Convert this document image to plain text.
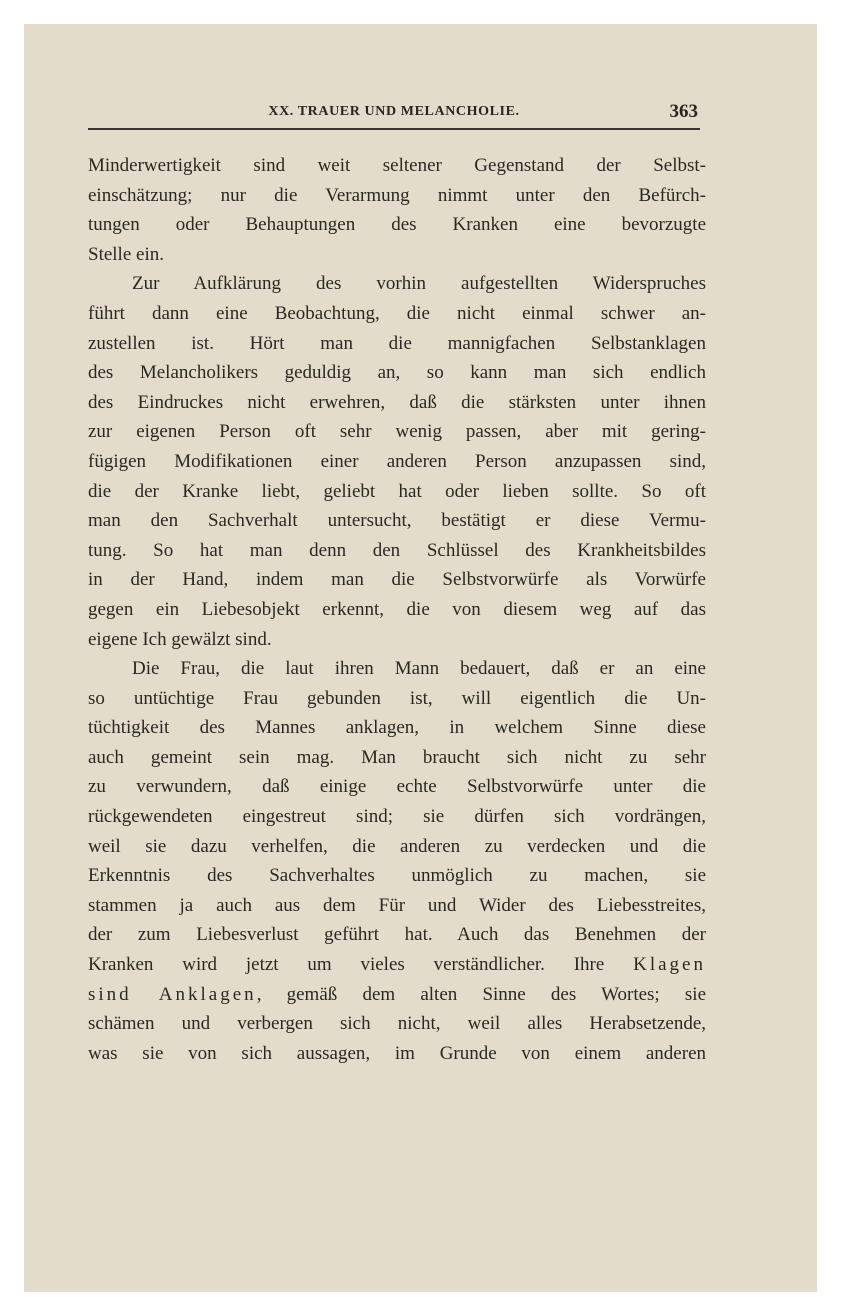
XX. TRAUER UND MELANCHOLIE.	363
Minderwertigkeit sind weit seltener Gegenstand der Selbst-
einschätzung; nur die Verarmung nimmt unter den Befürch-
tungen oder Behauptungen des Kranken eine bevorzugte
Stelle ein.
Zur Aufklärung des vorhin aufgestellten Widerspruches
führt dann eine Beobachtung, die nicht einmal schwer an-
zustellen ist. Hört man die mannigfachen Selbstanklagen
des Melancholikers geduldig an, so kann man sich endlich
des Eindruckes nicht erwehren, daß die stärksten unter ihnen
zur eigenen Person oft sehr wenig passen, aber mit gering-
fügigen Modifikationen einer anderen Person anzupassen sind,
die der Kranke liebt, geliebt hat oder lieben sollte. So oft
man den Sachverhalt untersucht, bestätigt er diese Vermu-
tung. So hat man denn den Schlüssel des Krankheitsbildes
in der Hand, indem man die Selbstvorwürfe als Vorwürfe
gegen ein Liebesobjekt erkennt, die von diesem weg auf das
eigene Ich gewälzt sind.
Die Frau, die laut ihren Mann bedauert, daß er an eine
so untüchtige Frau gebunden ist, will eigentlich die Un-
tüchtigkeit des Mannes anklagen, in welchem Sinne diese
auch gemeint sein mag. Man braucht sich nicht zu sehr
zu verwundern, daß einige echte Selbstvorwürfe unter die
rückgewendeten eingestreut sind; sie dürfen sich vordrängen,
weil sie dazu verhelfen, die anderen zu verdecken und die
Erkenntnis des Sachverhaltes unmöglich zu machen, sie
stammen ja auch aus dem Für und Wider des Liebesstreites,
der zum Liebesverlust geführt hat. Auch das Benehmen der
Kranken wird jetzt um vieles verständlicher. Ihre Klagen
sind Anklagen, gemäß dem alten Sinne des Wortes; sie
schämen und verbergen sich nicht, weil alles Herabsetzende,
was sie von sich aussagen, im Grunde von einem anderen
